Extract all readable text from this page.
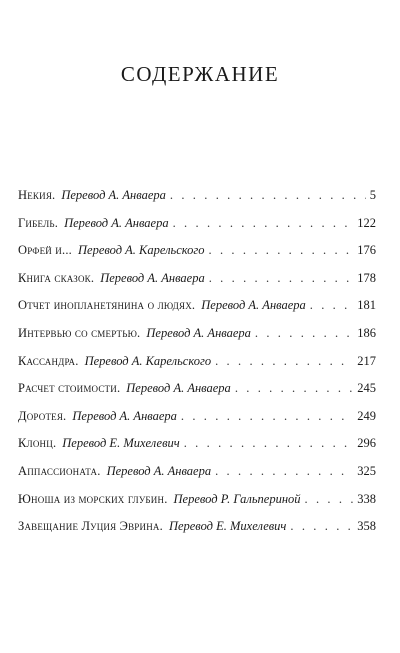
СОДЕРЖАНИЕ
Некия. Перевод А. Анваера . . .	5
Гибель. Перевод А. Анваера . . .	122
Орфей и... Перевод А. Карельского . . .	176
Книга сказок. Перевод А. Анваера . . .	178
Отчет инопланетянина о людях. Перевод А. Анваера . . .	181
Интервью со смертью. Перевод А. Анваера . . .	186
Кассандра. Перевод А. Карельского . . .	217
Расчет стоимости. Перевод А. Анваера . . .	245
Доротея. Перевод А. Анваера . . .	249
Клонц. Перевод Е. Михелевич . . .	296
Аппассионата. Перевод А. Анваера . . .	325
Юноша из морских глубин. Перевод Р. Гальпериной . . .	338
Завещание Луция Эврина. Перевод Е. Михелевич . . .	358
